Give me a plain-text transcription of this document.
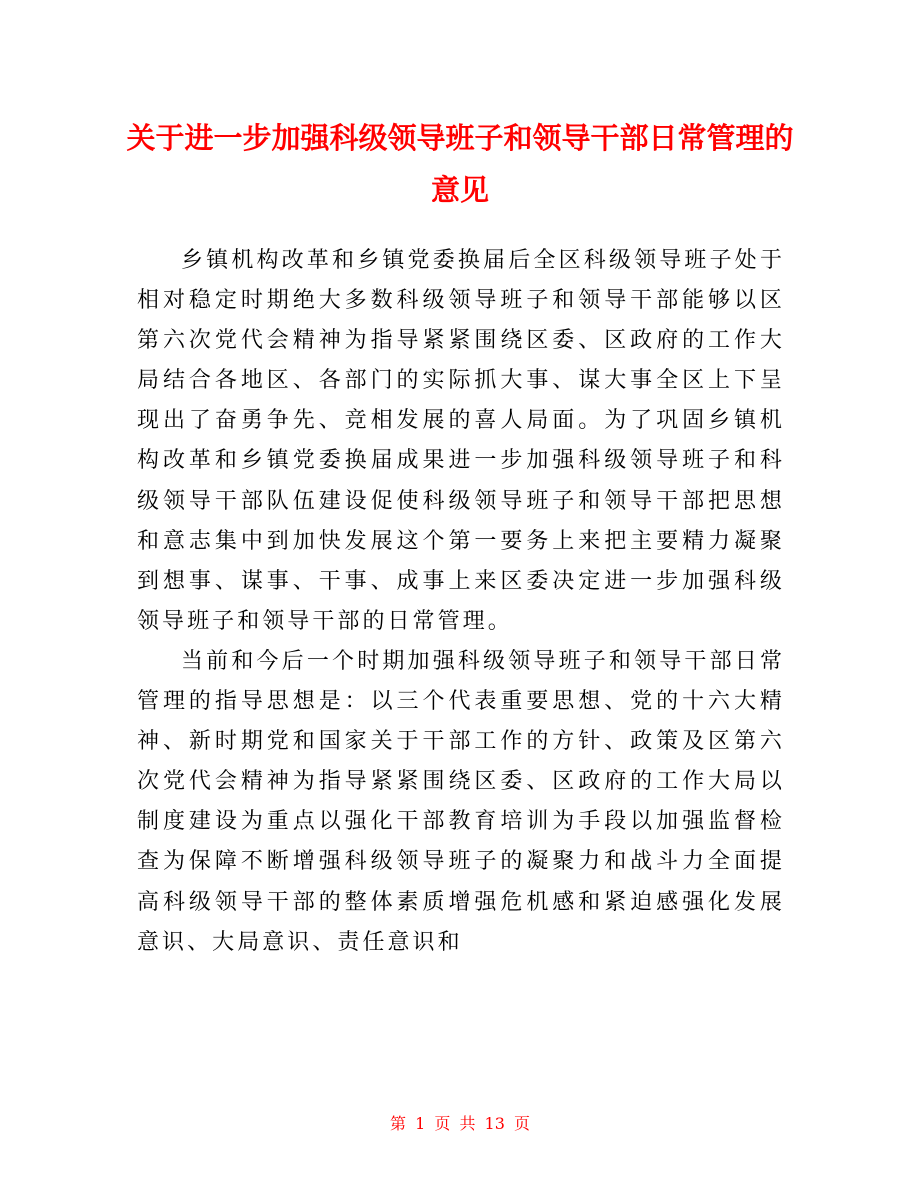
关于进一步加强科级领导班子和领导干部日常管理的意见

乡镇机构改革和乡镇党委换届后全区科级领导班子处于相对稳定时期绝大多数科级领导班子和领导干部能够以区第六次党代会精神为指导紧紧围绕区委、区政府的工作大局结合各地区、各部门的实际抓大事、谋大事全区上下呈现出了奋勇争先、竞相发展的喜人局面。为了巩固乡镇机构改革和乡镇党委换届成果进一步加强科级领导班子和科级领导干部队伍建设促使科级领导班子和领导干部把思想和意志集中到加快发展这个第一要务上来把主要精力凝聚到想事、谋事、干事、成事上来区委决定进一步加强科级领导班子和领导干部的日常管理。

当前和今后一个时期加强科级领导班子和领导干部日常管理的指导思想是：以三个代表重要思想、党的十六大精神、新时期党和国家关于干部工作的方针、政策及区第六次党代会精神为指导紧紧围绕区委、区政府的工作大局以制度建设为重点以强化干部教育培训为手段以加强监督检查为保障不断增强科级领导班子的凝聚力和战斗力全面提高科级领导干部的整体素质增强危机感和紧迫感强化发展意识、大局意识、责任意识和

第 1 页 共 13 页
